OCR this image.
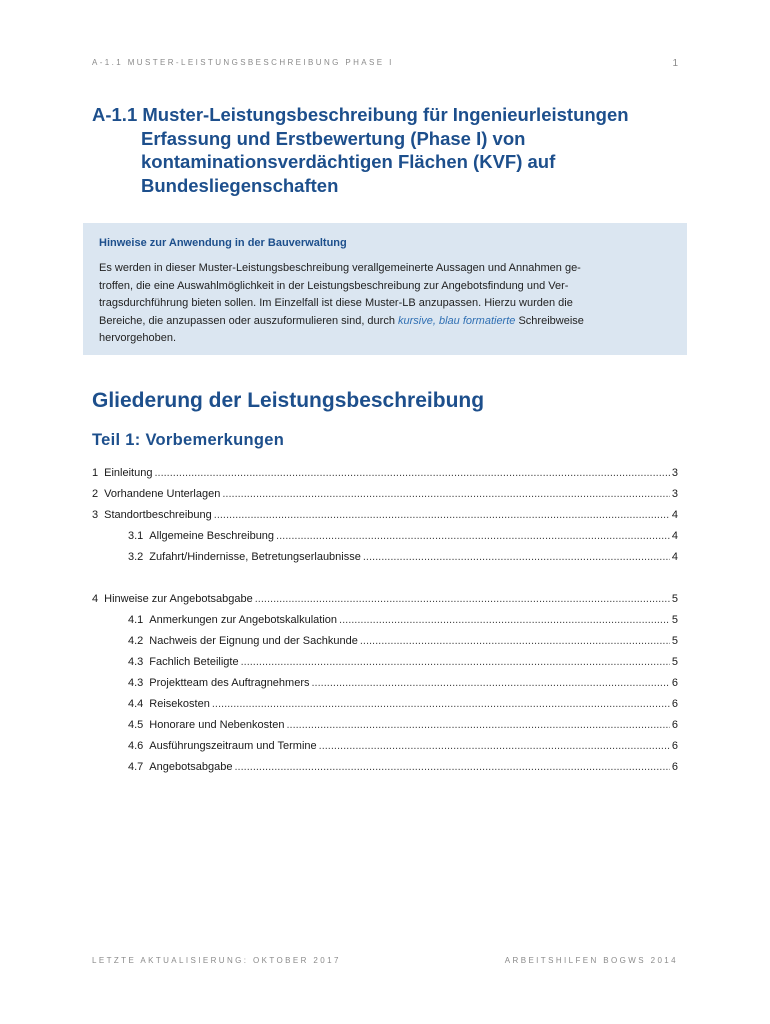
A-1.1 MUSTER-LEISTUNGSBESCHREIBUNG PHASE I	1
A-1.1 Muster-Leistungsbeschreibung für Ingenieurleistungen
Erfassung und Erstbewertung (Phase I) von
kontaminationsverdächtigen Flächen (KVF) auf
Bundesliegenschaften
Hinweise zur Anwendung in der Bauverwaltung
Es werden in dieser Muster-Leistungsbeschreibung verallgemeinerte Aussagen und Annahmen ge-
troffen, die eine Auswahlmöglichkeit in der Leistungsbeschreibung zur Angebotsfindung und Ver-
tragsdurchführung bieten sollen. Im Einzelfall ist diese Muster-LB anzupassen. Hierzu wurden die
Bereiche, die anzupassen oder auszuformulieren sind, durch kursive, blau formatierte Schreibweise
hervorgehoben.
Gliederung der Leistungsbeschreibung
Teil 1: Vorbemerkungen
1 Einleitung .....	3
2 Vorhandene Unterlagen .....	3
3 Standortbeschreibung .....	4
3.1 Allgemeine Beschreibung .....	4
3.2 Zufahrt/Hindernisse, Betretungserlaubnisse .....	4
4 Hinweise zur Angebotsabgabe .....	5
4.1 Anmerkungen zur Angebotskalkulation .....	5
4.2 Nachweis der Eignung und der Sachkunde .....	5
4.3 Fachlich Beteiligte .....	5
4.3 Projektteam des Auftragnehmers .....	6
4.4 Reisekosten .....	6
4.5 Honorare und Nebenkosten .....	6
4.6 Ausführungszeitraum und Termine .....	6
4.7 Angebotsabgabe .....	6
LETZTE AKTUALISIERUNG: OKTOBER 2017	ARBEITSHILFEN BOGWS 2014
